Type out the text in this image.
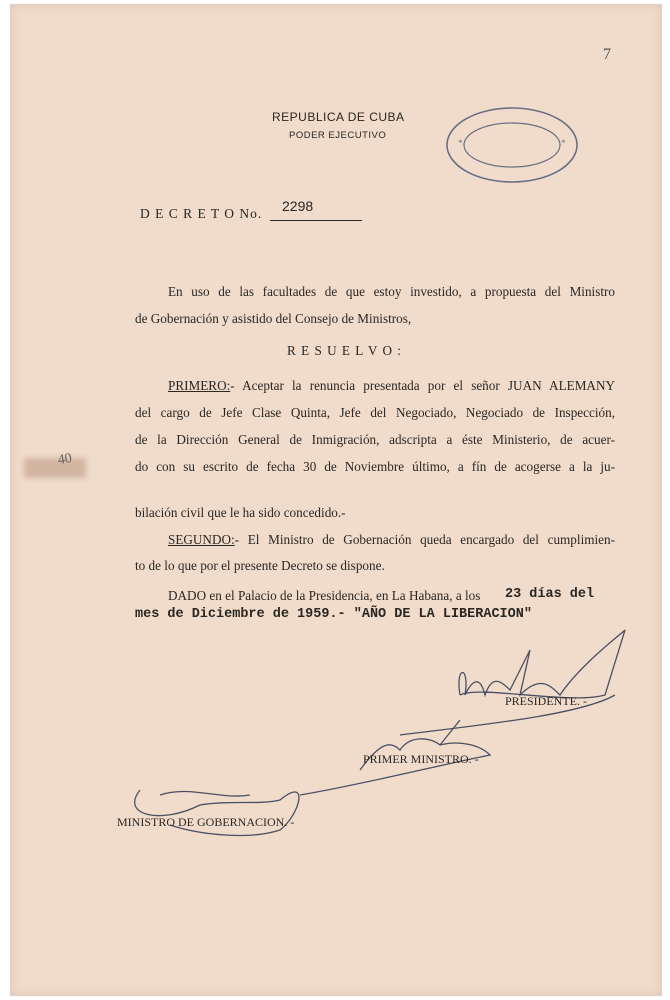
7
REPUBLICA DE CUBA
PODER EJECUTIVO
*	*
D E C R E T O No.	2298
En uso de las facultades de que estoy investido, a propuesta del Ministro
de Gobernación y asistido del Consejo de Ministros,
R E S U E L V O :
PRIMERO: - Aceptar la renuncia presentada por el señor JUAN ALEMANY
del cargo de Jefe Clase Quinta, Jefe del Negociado, Negociado de Inspección,
de la Dirección General de Inmigración, adscripta a éste Ministerio, de acuer-
do con su escrito de fecha 30 de Noviembre último, a fín de acogerse a la ju-
bilación civil que le ha sido concedido.-
SEGUNDO: - El Ministro de Gobernación queda encargado del cumplimien-
to de lo que por el presente Decreto se dispone.
DADO en el Palacio de la Presidencia, en La Habana, a los 23 días del
mes de Diciembre de 1959.- "AÑO DE LA LIBERACION"
PRESIDENTE. -
PRIMER MINISTRO. -
MINISTRO DE GOBERNACION. -
40
